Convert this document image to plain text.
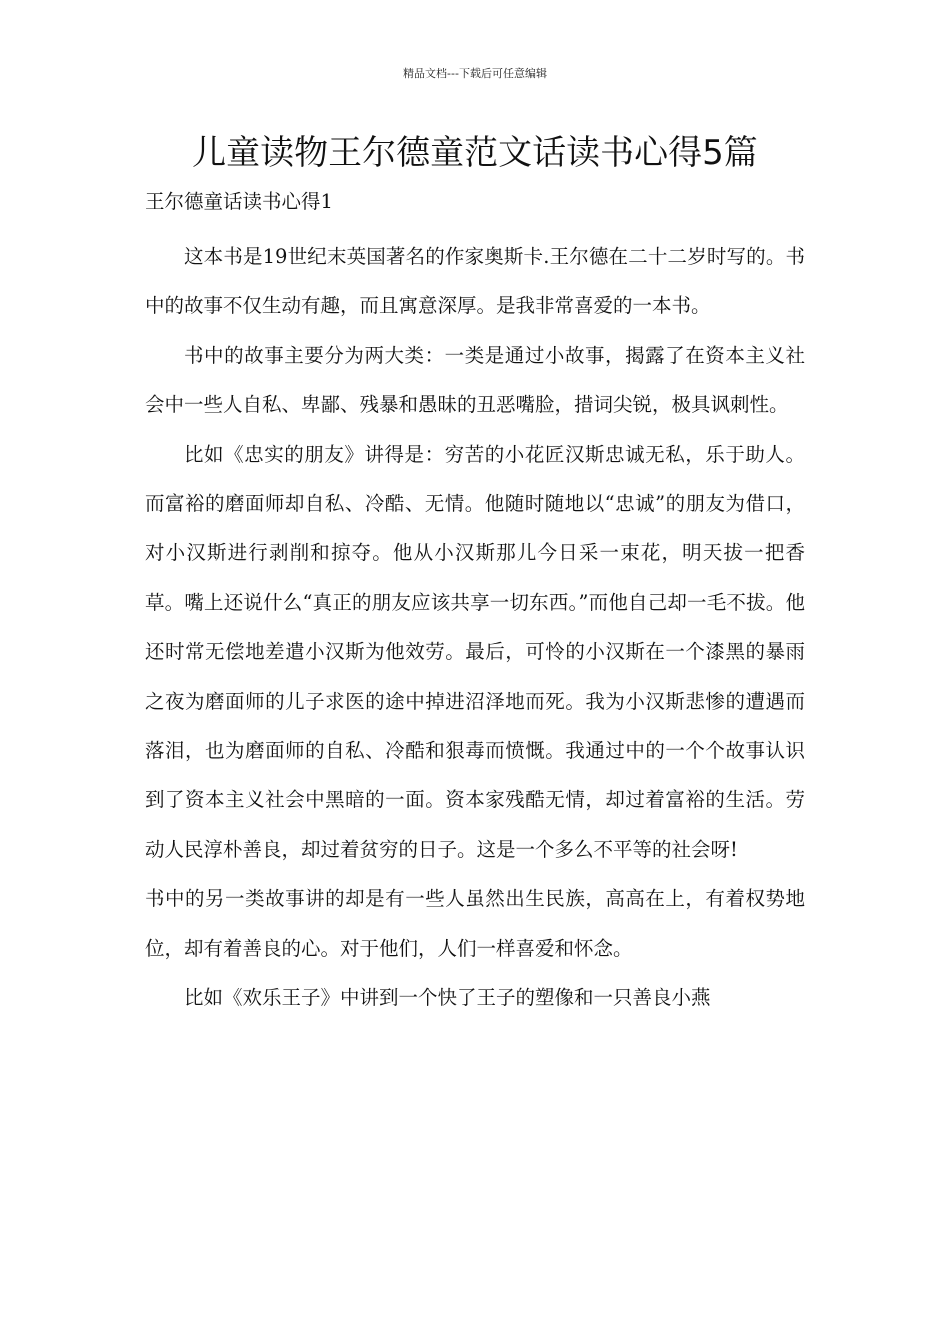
精品文档---下载后可任意编辑
儿童读物王尔德童范文话读书心得5篇

王尔德童话读书心得1

这本书是19世纪末英国著名的作家奥斯卡.王尔德在二十二岁时写的。书中的故事不仅生动有趣，而且寓意深厚。是我非常喜爱的一本书。

书中的故事主要分为两大类：一类是通过小故事，揭露了在资本主义社会中一些人自私、卑鄙、残暴和愚昧的丑恶嘴脸，措词尖锐，极具讽刺性。

比如《忠实的朋友》讲得是：穷苦的小花匠汉斯忠诚无私，乐于助人。而富裕的磨面师却自私、冷酷、无情。他随时随地以“忠诚”的朋友为借口，对小汉斯进行剥削和掠夺。他从小汉斯那儿今日采一束花，明天拔一把香草。嘴上还说什么“真正的朋友应该共享一切东西。”而他自己却一毛不拔。他还时常无偿地差遣小汉斯为他效劳。最后，可怜的小汉斯在一个漆黑的暴雨之夜为磨面师的儿子求医的途中掉进沼泽地而死。我为小汉斯悲惨的遭遇而落泪，也为磨面师的自私、冷酷和狠毒而愤慨。我通过中的一个个故事认识到了资本主义社会中黑暗的一面。资本家残酷无情，却过着富裕的生活。劳动人民淳朴善良，却过着贫穷的日子。这是一个多么不平等的社会呀!

书中的另一类故事讲的却是有一些人虽然出生民族，高高在上，有着权势地位，却有着善良的心。对于他们，人们一样喜爱和怀念。

比如《欢乐王子》中讲到一个快了王子的塑像和一只善良小燕
